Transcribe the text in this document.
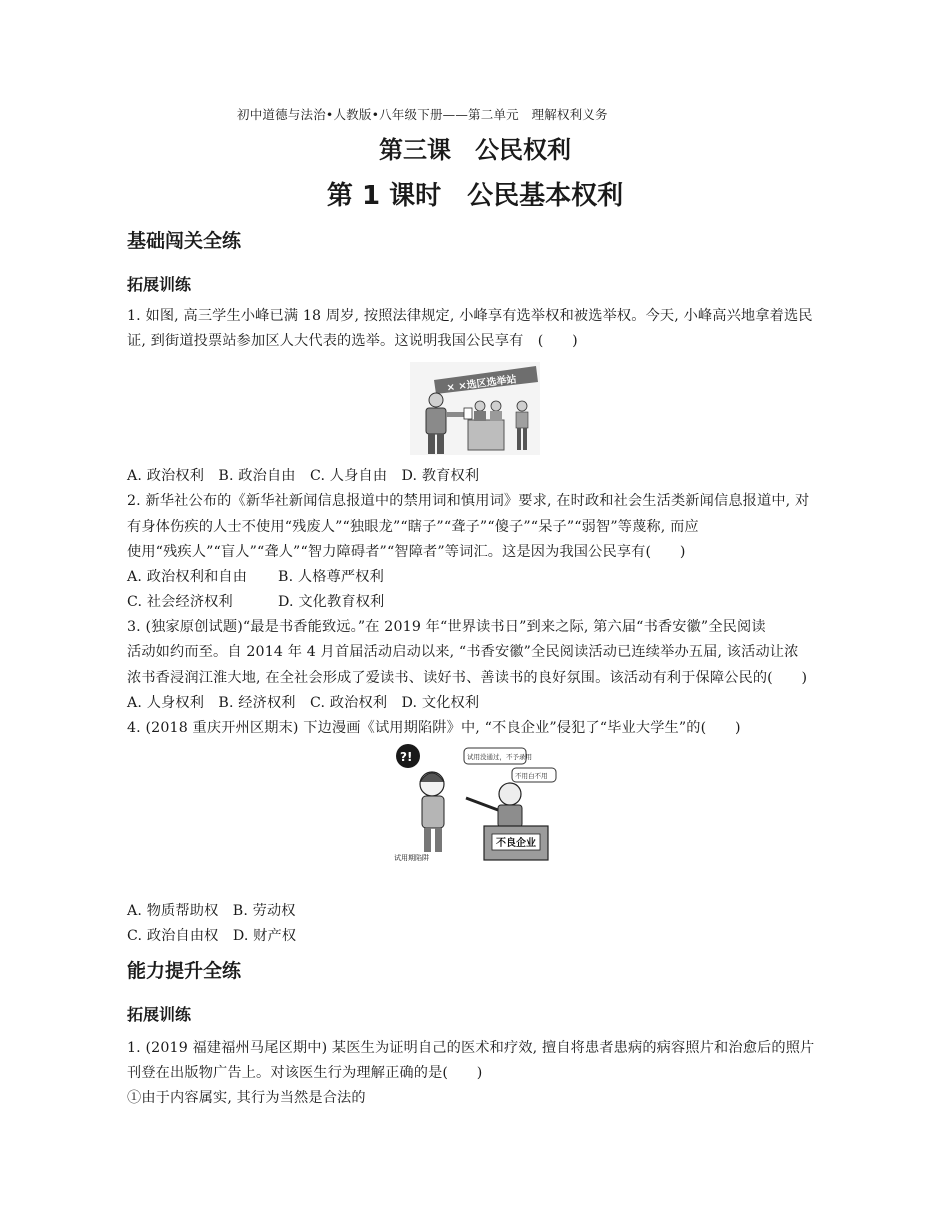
初中道德与法治•人教版•八年级下册——第二单元　理解权利义务
第三课　公民权利
第 1 课时　公民基本权利
基础闯关全练
拓展训练
1. 如图, 高三学生小峰已满 18 周岁, 按照法律规定, 小峰享有选举权和被选举权。今天, 小峰高兴地拿着选民
证, 到街道投票站参加区人大代表的选举。这说明我国公民享有　(　　)
× ×选区选举站
A. 政治权利　B. 政治自由　C. 人身自由　D. 教育权利
2. 新华社公布的《新华社新闻信息报道中的禁用词和慎用词》要求, 在时政和社会生活类新闻信息报道中, 对
有身体伤疾的人士不使用“残废人”“独眼龙”“瞎子”“聋子”“傻子”“呆子”“弱智”等蔑称, 而应
使用“残疾人”“盲人”“聋人”“智力障碍者”“智障者”等词汇。这是因为我国公民享有(　　)
A. 政治权利和自由 B. 人格尊严权利
C. 社会经济权利	D. 文化教育权利
3. (独家原创试题)“最是书香能致远。”在 2019 年“世界读书日”到来之际, 第六届“书香安徽”全民阅读
活动如约而至。自 2014 年 4 月首届活动启动以来, “书香安徽”全民阅读活动已连续举办五届, 该活动让浓
浓书香浸润江淮大地, 在全社会形成了爱读书、读好书、善读书的良好氛围。该活动有利于保障公民的(　　)
A. 人身权利　B. 经济权利　C. 政治权利　D. 文化权利
4. (2018 重庆开州区期末) 下边漫画《试用期陷阱》中, “不良企业”侵犯了“毕业大学生”的(　　)
?!	试用没通过，不予录用
不用白不用
不良企业
试用期陷阱
A. 物质帮助权　B. 劳动权
C. 政治自由权　D. 财产权
能力提升全练
拓展训练
1. (2019 福建福州马尾区期中) 某医生为证明自己的医术和疗效, 擅自将患者患病的病容照片和治愈后的照片
刊登在出版物广告上。对该医生行为理解正确的是(　　)
①由于内容属实, 其行为当然是合法的
